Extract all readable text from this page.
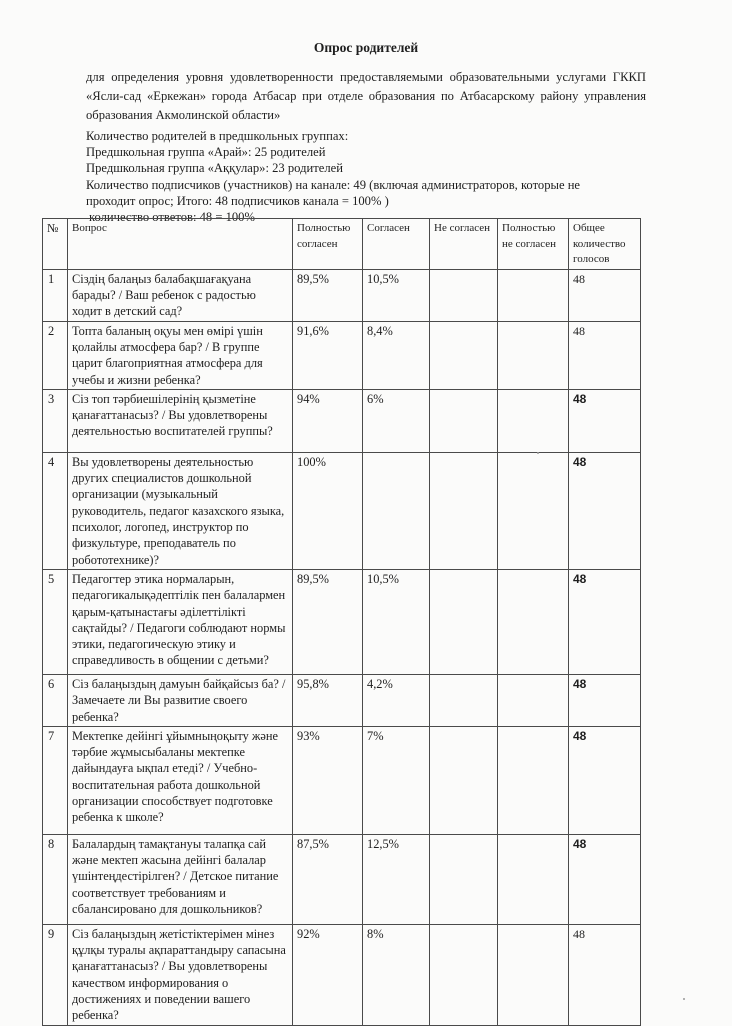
Опрос родителей
для определения уровня удовлетворенности предоставляемыми образовательными услугами ГККП «Ясли-сад «Еркежан» города Атбасар при отделе образования по Атбасарскому району управления образования Акмолинской области»
Количество родителей в предшкольных группах:
Предшкольная группа «Арай»: 25 родителей
Предшкольная группа «Аққулар»: 23 родителей
Количество подписчиков (участников) на канале: 49 (включая администраторов, которые не
проходит опрос; Итого: 48 подписчиков канала = 100% )
количество ответов: 48 = 100%
№	Вопрос	Полностью согласен	Согласен	Не согласен	Полностью не согласен	Общее количество голосов
1	Сіздің балаңыз балабақшағақуана барады? / Ваш ребенок с радостью ходит в детский сад?	89,5%	10,5%			48
2	Топта баланың оқуы мен өмірі үшін қолайлы атмосфера бар? / В группе царит благоприятная атмосфера для учебы и жизни ребенка?	91,6%	8,4%			48
3	Сіз топ тәрбиешілерінің қызметіне қанағаттанасыз? / Вы удовлетворены деятельностью воспитателей группы?	94%	6%			48
4	Вы удовлетворены деятельностью других специалистов дошкольной организации (музыкальный руководитель, педагог казахского языка, психолог, логопед, инструктор по физкультуре, преподаватель по робототехнике)?	100%				48
5	Педагогтер этика нормаларын, педагогикалықәдептілік пен балалармен қарым-қатынастағы әділеттілікті сақтайды? / Педагоги соблюдают нормы этики, педагогическую этику и справедливость в общении с детьми?	89,5%	10,5%			48
6	Сіз балаңыздың дамуын байқайсыз ба? / Замечаете ли Вы развитие своего ребенка?	95,8%	4,2%			48
7	Мектепке дейінгі ұйымныңоқыту және тәрбие жұмысыбаланы мектепке дайындауға ықпал етеді? / Учебно-воспитательная работа дошкольной организации способствует подготовке ребенка к школе?	93%	7%			48
8	Балалардың тамақтануы талапқа сай және мектеп жасына дейінгі балалар үшінтеңдестірілген? / Детское питание соответствует требованиям и сбалансировано для дошкольников?	87,5%	12,5%			48
9	Сіз балаңыздың жетістіктерімен мінез құлқы туралы ақпараттандыру сапасына қанағаттанасыз? / Вы удовлетворены качеством информирования о достижениях и поведении вашего ребенка?	92%	8%			48
